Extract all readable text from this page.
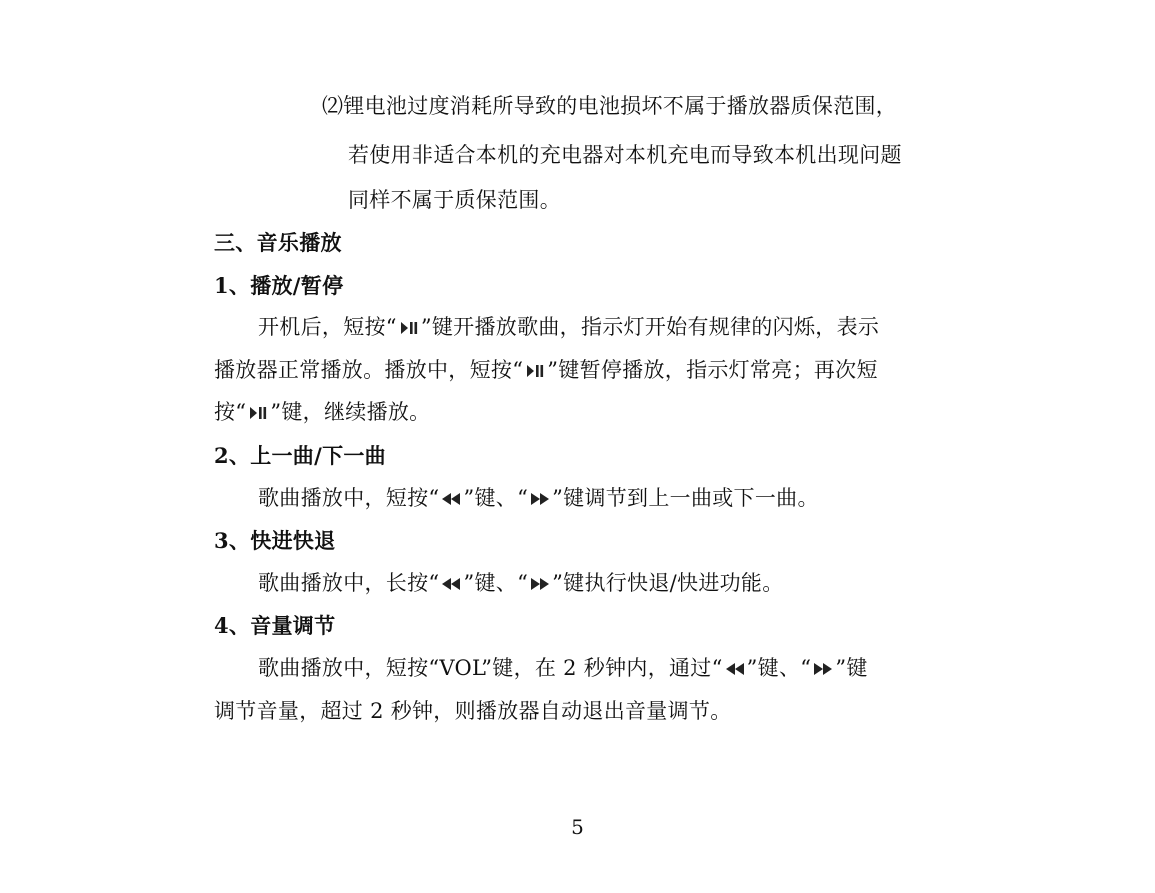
⑵锂电池过度消耗所导致的电池损坏不属于播放器质保范围，
若使用非适合本机的充电器对本机充电而导致本机出现问题
同样不属于质保范围。
三、音乐播放
1、播放/暂停
开机后，短按“ ”键开播放歌曲，指示灯开始有规律的闪烁，表示
播放器正常播放。播放中，短按“ ”键暂停播放，指示灯常亮；再次短
按“ ”键，继续播放。
2、上一曲/下一曲
歌曲播放中，短按“ ”键、“ ”键调节到上一曲或下一曲。
3、快进快退
歌曲播放中，长按“ ”键、“ ”键执行快退/快进功能。
4、音量调节
歌曲播放中，短按“VOL”键，在 2 秒钟内，通过“ ”键、“ ”键
调节音量，超过 2 秒钟，则播放器自动退出音量调节。
5
